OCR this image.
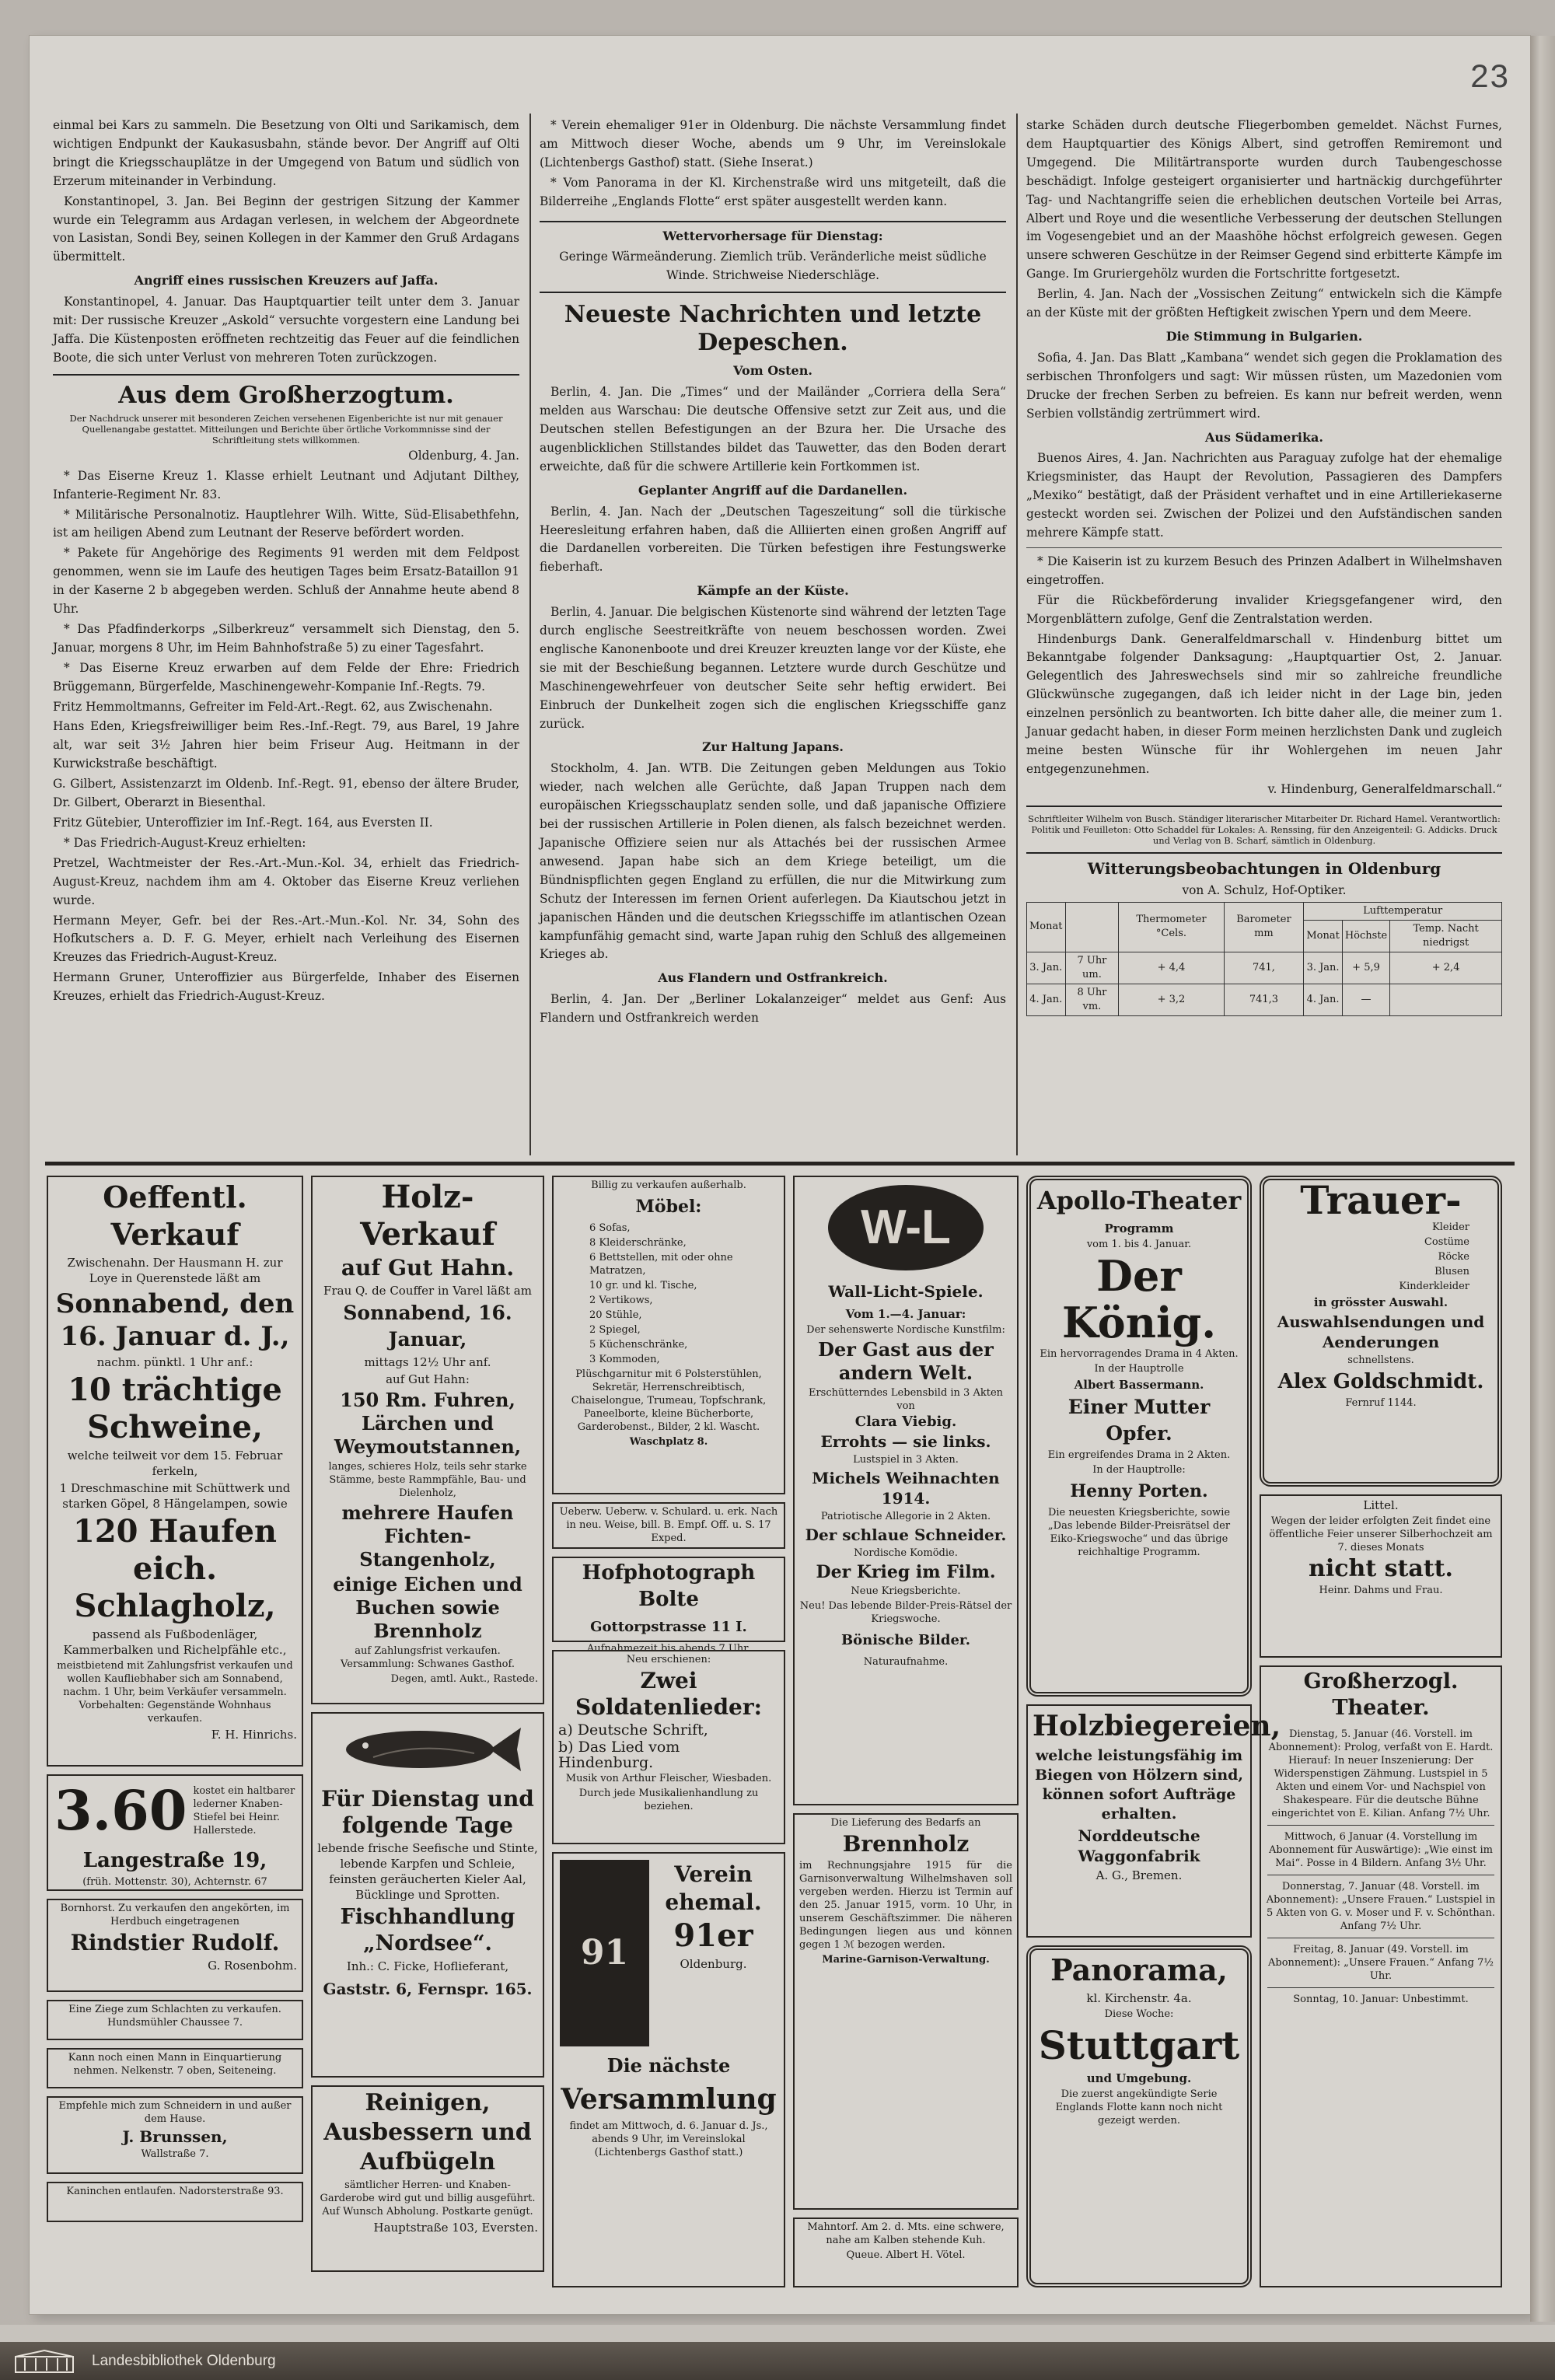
23

einmal bei Kars zu sammeln. Die Besetzung von Olti und Sarikamisch, dem wichtigen Endpunkt der Kaukasusbahn, stände bevor. Der Angriff auf Olti bringt die Kriegsschauplätze in der Umgegend von Batum und südlich von Erzerum miteinander in Verbindung.

Konstantinopel, 3. Jan. Bei Beginn der gestrigen Sitzung der Kammer wurde ein Telegramm aus Ardagan verlesen, in welchem der Abgeordnete von Lasistan, Sondi Bey, seinen Kollegen in der Kammer den Gruß Ardagans übermittelt.

Angriff eines russischen Kreuzers auf Jaffa.

Konstantinopel, 4. Januar. Das Hauptquartier teilt unter dem 3. Januar mit: Der russische Kreuzer „Askold“ versuchte vorgestern eine Landung bei Jaffa. Die Küstenposten eröffneten rechtzeitig das Feuer auf die feindlichen Boote, die sich unter Verlust von mehreren Toten zurückzogen.

Aus dem Großherzogtum.

Der Nachdruck unserer mit besonderen Zeichen versehenen Eigenberichte ist nur mit genauer Quellenangabe gestattet. Mitteilungen und Berichte über örtliche Vorkommnisse sind der Schriftleitung stets willkommen.

Oldenburg, 4. Jan.

* Das Eiserne Kreuz 1. Klasse erhielt Leutnant und Adjutant Dilthey, Infanterie-Regiment Nr. 83.

* Militärische Personalnotiz. Hauptlehrer Wilh. Witte, Süd-Elisabethfehn, ist am heiligen Abend zum Leutnant der Reserve befördert worden.

* Pakete für Angehörige des Regiments 91 werden mit dem Feldpost genommen, wenn sie im Laufe des heutigen Tages beim Ersatz-Bataillon 91 in der Kaserne 2 b abgegeben werden. Schluß der Annahme heute abend 8 Uhr.

* Das Pfadfinderkorps „Silberkreuz“ versammelt sich Dienstag, den 5. Januar, morgens 8 Uhr, im Heim Bahnhofstraße 5) zu einer Tagesfahrt.

* Das Eiserne Kreuz erwarben auf dem Felde der Ehre: Friedrich Brüggemann, Bürgerfelde, Maschinengewehr-Kompanie Inf.-Regts. 79.

Fritz Hemmoltmanns, Gefreiter im Feld-Art.-Regt. 62, aus Zwischenahn.

Hans Eden, Kriegsfreiwilliger beim Res.-Inf.-Regt. 79, aus Barel, 19 Jahre alt, war seit 3½ Jahren hier beim Friseur Aug. Heitmann in der Kurwickstraße beschäftigt.

G. Gilbert, Assistenzarzt im Oldenb. Inf.-Regt. 91, ebenso der ältere Bruder, Dr. Gilbert, Oberarzt in Biesenthal.

Fritz Gütebier, Unteroffizier im Inf.-Regt. 164, aus Eversten II.

* Das Friedrich-August-Kreuz erhielten:

Pretzel, Wachtmeister der Res.-Art.-Mun.-Kol. 34, erhielt das Friedrich-August-Kreuz, nachdem ihm am 4. Oktober das Eiserne Kreuz verliehen wurde.

Hermann Meyer, Gefr. bei der Res.-Art.-Mun.-Kol. Nr. 34, Sohn des Hofkutschers a. D. F. G. Meyer, erhielt nach Verleihung des Eisernen Kreuzes das Friedrich-August-Kreuz.

Hermann Gruner, Unteroffizier aus Bürgerfelde, Inhaber des Eisernen Kreuzes, erhielt das Friedrich-August-Kreuz.

* Verein ehemaliger 91er in Oldenburg. Die nächste Versammlung findet am Mittwoch dieser Woche, abends um 9 Uhr, im Vereinslokale (Lichtenbergs Gasthof) statt. (Siehe Inserat.)

* Vom Panorama in der Kl. Kirchenstraße wird uns mitgeteilt, daß die Bilderreihe „Englands Flotte“ erst später ausgestellt werden kann.

Wettervorhersage für Dienstag:

Geringe Wärmeänderung. Ziemlich trüb. Veränderliche meist südliche Winde. Strichweise Niederschläge.

Neueste Nachrichten und letzte Depeschen.
Vom Osten.

Berlin, 4. Jan. Die „Times“ und der Mailänder „Corriera della Sera“ melden aus Warschau: Die deutsche Offensive setzt zur Zeit aus, und die Deutschen stellen Befestigungen an der Bzura her. Die Ursache des augenblicklichen Stillstandes bildet das Tauwetter, das den Boden derart erweichte, daß für die schwere Artillerie kein Fortkommen ist.

Geplanter Angriff auf die Dardanellen.

Berlin, 4. Jan. Nach der „Deutschen Tageszeitung“ soll die türkische Heeresleitung erfahren haben, daß die Alliierten einen großen Angriff auf die Dardanellen vorbereiten. Die Türken befestigen ihre Festungswerke fieberhaft.

Kämpfe an der Küste.

Berlin, 4. Januar. Die belgischen Küstenorte sind während der letzten Tage durch englische Seestreitkräfte von neuem beschossen worden. Zwei englische Kanonenboote und drei Kreuzer kreuzten lange vor der Küste, ehe sie mit der Beschießung begannen. Letztere wurde durch Geschütze und Maschinengewehrfeuer von deutscher Seite sehr heftig erwidert. Bei Einbruch der Dunkelheit zogen sich die englischen Kriegsschiffe ganz zurück.

Zur Haltung Japans.

Stockholm, 4. Jan. WTB. Die Zeitungen geben Meldungen aus Tokio wieder, nach welchen alle Gerüchte, daß Japan Truppen nach dem europäischen Kriegsschauplatz senden solle, und daß japanische Offiziere bei der russischen Artillerie in Polen dienen, als falsch bezeichnet werden. Japanische Offiziere seien nur als Attachés bei der russischen Armee anwesend. Japan habe sich an dem Kriege beteiligt, um die Bündnispflichten gegen England zu erfüllen, die nur die Mitwirkung zum Schutz der Interessen im fernen Orient auferlegen. Da Kiautschou jetzt in japanischen Händen und die deutschen Kriegsschiffe im atlantischen Ozean kampfunfähig gemacht sind, warte Japan ruhig den Schluß des allgemeinen Krieges ab.

Aus Flandern und Ostfrankreich.

Berlin, 4. Jan. Der „Berliner Lokalanzeiger“ meldet aus Genf: Aus Flandern und Ostfrankreich werden

starke Schäden durch deutsche Fliegerbomben gemeldet. Nächst Furnes, dem Hauptquartier des Königs Albert, sind getroffen Remiremont und Umgegend. Die Militärtransporte wurden durch Taubengeschosse beschädigt. Infolge gesteigert organisierter und hartnäckig durchgeführter Tag- und Nachtangriffe seien die erheblichen deutschen Vorteile bei Arras, Albert und Roye und die wesentliche Verbesserung der deutschen Stellungen im Vogesengebiet und an der Maashöhe höchst erfolgreich gewesen. Gegen unsere schweren Geschütze in der Reimser Gegend sind erbitterte Kämpfe im Gange. Im Gruriergehölz wurden die Fortschritte fortgesetzt.

Berlin, 4. Jan. Nach der „Vossischen Zeitung“ entwickeln sich die Kämpfe an der Küste mit der größten Heftigkeit zwischen Ypern und dem Meere.

Die Stimmung in Bulgarien.

Sofia, 4. Jan. Das Blatt „Kambana“ wendet sich gegen die Proklamation des serbischen Thronfolgers und sagt: Wir müssen rüsten, um Mazedonien vom Drucke der frechen Serben zu befreien. Es kann nur befreit werden, wenn Serbien vollständig zertrümmert wird.

Aus Südamerika.

Buenos Aires, 4. Jan. Nachrichten aus Paraguay zufolge hat der ehemalige Kriegsminister, das Haupt der Revolution, Passagieren des Dampfers „Mexiko“ bestätigt, daß der Präsident verhaftet und in eine Artilleriekaserne gesteckt worden sei. Zwischen der Polizei und den Aufständischen sanden mehrere Kämpfe statt.

* Die Kaiserin ist zu kurzem Besuch des Prinzen Adalbert in Wilhelmshaven eingetroffen.

Für die Rückbeförderung invalider Kriegsgefangener wird, den Morgenblättern zufolge, Genf die Zentralstation werden.

Hindenburgs Dank. Generalfeldmarschall v. Hindenburg bittet um Bekanntgabe folgender Danksagung: „Hauptquartier Ost, 2. Januar. Gelegentlich des Jahreswechsels sind mir so zahlreiche freundliche Glückwünsche zugegangen, daß ich leider nicht in der Lage bin, jeden einzelnen persönlich zu beantworten. Ich bitte daher alle, die meiner zum 1. Januar gedacht haben, in dieser Form meinen herzlichsten Dank und zugleich meine besten Wünsche für ihr Wohlergehen im neuen Jahr entgegenzunehmen.

v. Hindenburg, Generalfeldmarschall.“

Schriftleiter Wilhelm von Busch. Ständiger literarischer Mitarbeiter Dr. Richard Hamel. Verantwortlich: Politik und Feuilleton: Otto Schaddel für Lokales: A. Renssing, für den Anzeigenteil: G. Addicks. Druck und Verlag von B. Scharf, sämtlich in Oldenburg.

Witterungsbeobachtungen in Oldenburg

von A. Schulz, Hof-Optiker.

Monat		Thermometer °Cels.	Barometer mm	Lufttemperatur		
				Monat	Höchste	Temp. Nacht niedrigst
3. Jan.	7 Uhr um.	+ 4,4	741,	3. Jan.	+ 5,9	+ 2,4
4. Jan.	8 Uhr vm.	+ 3,2	741,3	4. Jan.	—	

Oeffentl. Verkauf

Zwischenahn. Der Hausmann H. zur Loye in Querenstede läßt am

Sonnabend, den 16. Januar d. J.,

nachm. pünktl. 1 Uhr anf.:

10 trächtige Schweine,

welche teilweit vor dem 15. Februar ferkeln,

1 Dreschmaschine mit Schüttwerk und starken Göpel, 8 Hängelampen, sowie

120 Haufen eich. Schlagholz,

passend als Fußbodenläger, Kammerbalken und Richelpfähle etc.,

meistbietend mit Zahlungsfrist verkaufen und wollen Kaufliebhaber sich am Sonnabend, nachm. 1 Uhr, beim Verkäufer versammeln. Vorbehalten: Gegenstände Wohnhaus verkaufen.

F. H. Hinrichs.

3.60 kostet ein haltbarer lederner Knaben-Stiefel bei Heinr. Hallerstede.

Langestraße 19,

(früh. Mottenstr. 30), Achternstr. 67

Bornhorst. Zu verkaufen den angekörten, im Herdbuch eingetragenen

Rindstier Rudolf.

G. Rosenbohm.

Eine Ziege zum Schlachten zu verkaufen. Hundsmühler Chaussee 7.

Kann noch einen Mann in Einquartierung nehmen. Nelkenstr. 7 oben, Seiteneing.

Empfehle mich zum Schneidern in und außer dem Hause.

J. Brunssen,

Wallstraße 7.

Kaninchen entlaufen. Nadorsterstraße 93.

Holz-Verkauf

auf Gut Hahn.

Frau Q. de Couffer in Varel läßt am

Sonnabend, 16. Januar,

mittags 12½ Uhr anf.

auf Gut Hahn:

150 Rm. Fuhren, Lärchen und Weymoutstannen,

langes, schieres Holz, teils sehr starke Stämme, beste Rammpfähle, Bau- und Dielenholz,

mehrere Haufen Fichten-Stangenholz,

einige Eichen und Buchen sowie Brennholz

auf Zahlungsfrist verkaufen. Versammlung: Schwanes Gasthof.

Degen, amtl. Aukt., Rastede.

Für Dienstag und folgende Tage

lebende frische Seefische und Stinte, lebende Karpfen und Schleie, feinsten geräucherten Kieler Aal, Bücklinge und Sprotten.

Fischhandlung „Nordsee“.

Inh.: C. Ficke, Hoflieferant,

Gaststr. 6, Fernspr. 165.

Reinigen, Ausbessern und Aufbügeln

sämtlicher Herren- und Knaben-Garderobe wird gut und billig ausgeführt. Auf Wunsch Abholung. Postkarte genügt.

Hauptstraße 103, Eversten.

Billig zu verkaufen außerhalb.

Möbel:

6 Sofas,

8 Kleiderschränke,

6 Bettstellen, mit oder ohne Matratzen,

10 gr. und kl. Tische,

2 Vertikows,

20 Stühle,

2 Spiegel,

5 Küchenschränke,

3 Kommoden,

Plüschgarnitur mit 6 Polsterstühlen, Sekretär, Herrenschreibtisch, Chaiselongue, Trumeau, Topfschrank, Paneelborte, kleine Bücherborte, Garderobenst., Bilder, 2 kl. Wascht.

Waschplatz 8.

Ueberw. Ueberw. v. Schulard. u. erk. Nach in neu. Weise, bill. B. Empf. Off. u. S. 17 Exped.

Hofphotograph Bolte

Gottorpstrasse 11 I.

Aufnahmezeit bis abends 7 Uhr.

Neu erschienen:

Zwei Soldatenlieder:

a) Deutsche Schrift,

b) Das Lied vom Hindenburg.

Musik von Arthur Fleischer, Wiesbaden.

Durch jede Musikalienhandlung zu beziehen.

91

Verein

ehemal.

91er

Oldenburg.

Die nächste

Versammlung

findet am Mittwoch, d. 6. Januar d. Js., abends 9 Uhr, im Vereinslokal (Lichtenbergs Gasthof statt.)

W-L

Wall-Licht-Spiele.

Vom 1.—4. Januar:

Der sehenswerte Nordische Kunstfilm:

Der Gast aus der andern Welt.

Erschütterndes Lebensbild in 3 Akten von

Clara Viebig.

Errohts — sie links.

Lustspiel in 3 Akten.

Michels Weihnachten 1914.

Patriotische Allegorie in 2 Akten.

Der schlaue Schneider.

Nordische Komödie.

Der Krieg im Film.

Neue Kriegsberichte.

Neu! Das lebende Bilder-Preis-Rätsel der Kriegswoche.

Bönische Bilder.

Naturaufnahme.

Die Lieferung des Bedarfs an

Brennholz

im Rechnungsjahre 1915 für die Garnisonverwaltung Wilhelmshaven soll vergeben werden. Hierzu ist Termin auf den 25. Januar 1915, vorm. 10 Uhr, in unserem Geschäftszimmer. Die näheren Bedingungen liegen aus und können gegen 1 ℳ bezogen werden.

Marine-Garnison-Verwaltung.

Mahntorf. Am 2. d. Mts. eine schwere, nahe am Kalben stehende Kuh.

Queue. Albert H. Vötel.

Apollo-Theater

Programm

vom 1. bis 4. Januar.

Der König.

Ein hervorragendes Drama in 4 Akten.

In der Hauptrolle

Albert Bassermann.

Einer Mutter Opfer.

Ein ergreifendes Drama in 2 Akten.

In der Hauptrolle:

Henny Porten.

Die neuesten Kriegsberichte, sowie „Das lebende Bilder-Preisrätsel der Eiko-Kriegswoche“ und das übrige reichhaltige Programm.

Holzbiegereien,

welche leistungsfähig im Biegen von Hölzern sind, können sofort Aufträge erhalten.

Norddeutsche Waggonfabrik

A. G., Bremen.

Panorama,

kl. Kirchenstr. 4a.

Diese Woche:

Stuttgart

und Umgebung.

Die zuerst angekündigte Serie Englands Flotte kann noch nicht gezeigt werden.

Trauer-

Kleider

Costüme

Röcke

Blusen

Kinderkleider

in grösster Auswahl.

Auswahlsendungen und Aenderungen

schnellstens.

Alex Goldschmidt.

Fernruf 1144.

Littel.

Wegen der leider erfolgten Zeit findet eine öffentliche Feier unserer Silberhochzeit am 7. dieses Monats

nicht statt.

Heinr. Dahms und Frau.

Großherzogl. Theater.

Dienstag, 5. Januar (46. Vorstell. im Abonnement): Prolog, verfaßt von E. Hardt. Hierauf: In neuer Inszenierung: Der Widerspenstigen Zähmung. Lustspiel in 5 Akten und einem Vor- und Nachspiel von Shakespeare. Für die deutsche Bühne eingerichtet von E. Kilian. Anfang 7½ Uhr.

Mittwoch, 6 Januar (4. Vorstellung im Abonnement für Auswärtige): „Wie einst im Mai“. Posse in 4 Bildern. Anfang 3½ Uhr.

Donnerstag, 7. Januar (48. Vorstell. im Abonnement): „Unsere Frauen.“ Lustspiel in 5 Akten von G. v. Moser und F. v. Schönthan. Anfang 7½ Uhr.

Freitag, 8. Januar (49. Vorstell. im Abonnement): „Unsere Frauen.“ Anfang 7½ Uhr.

Sonntag, 10. Januar: Unbestimmt.

Landesbibliothek Oldenburg
